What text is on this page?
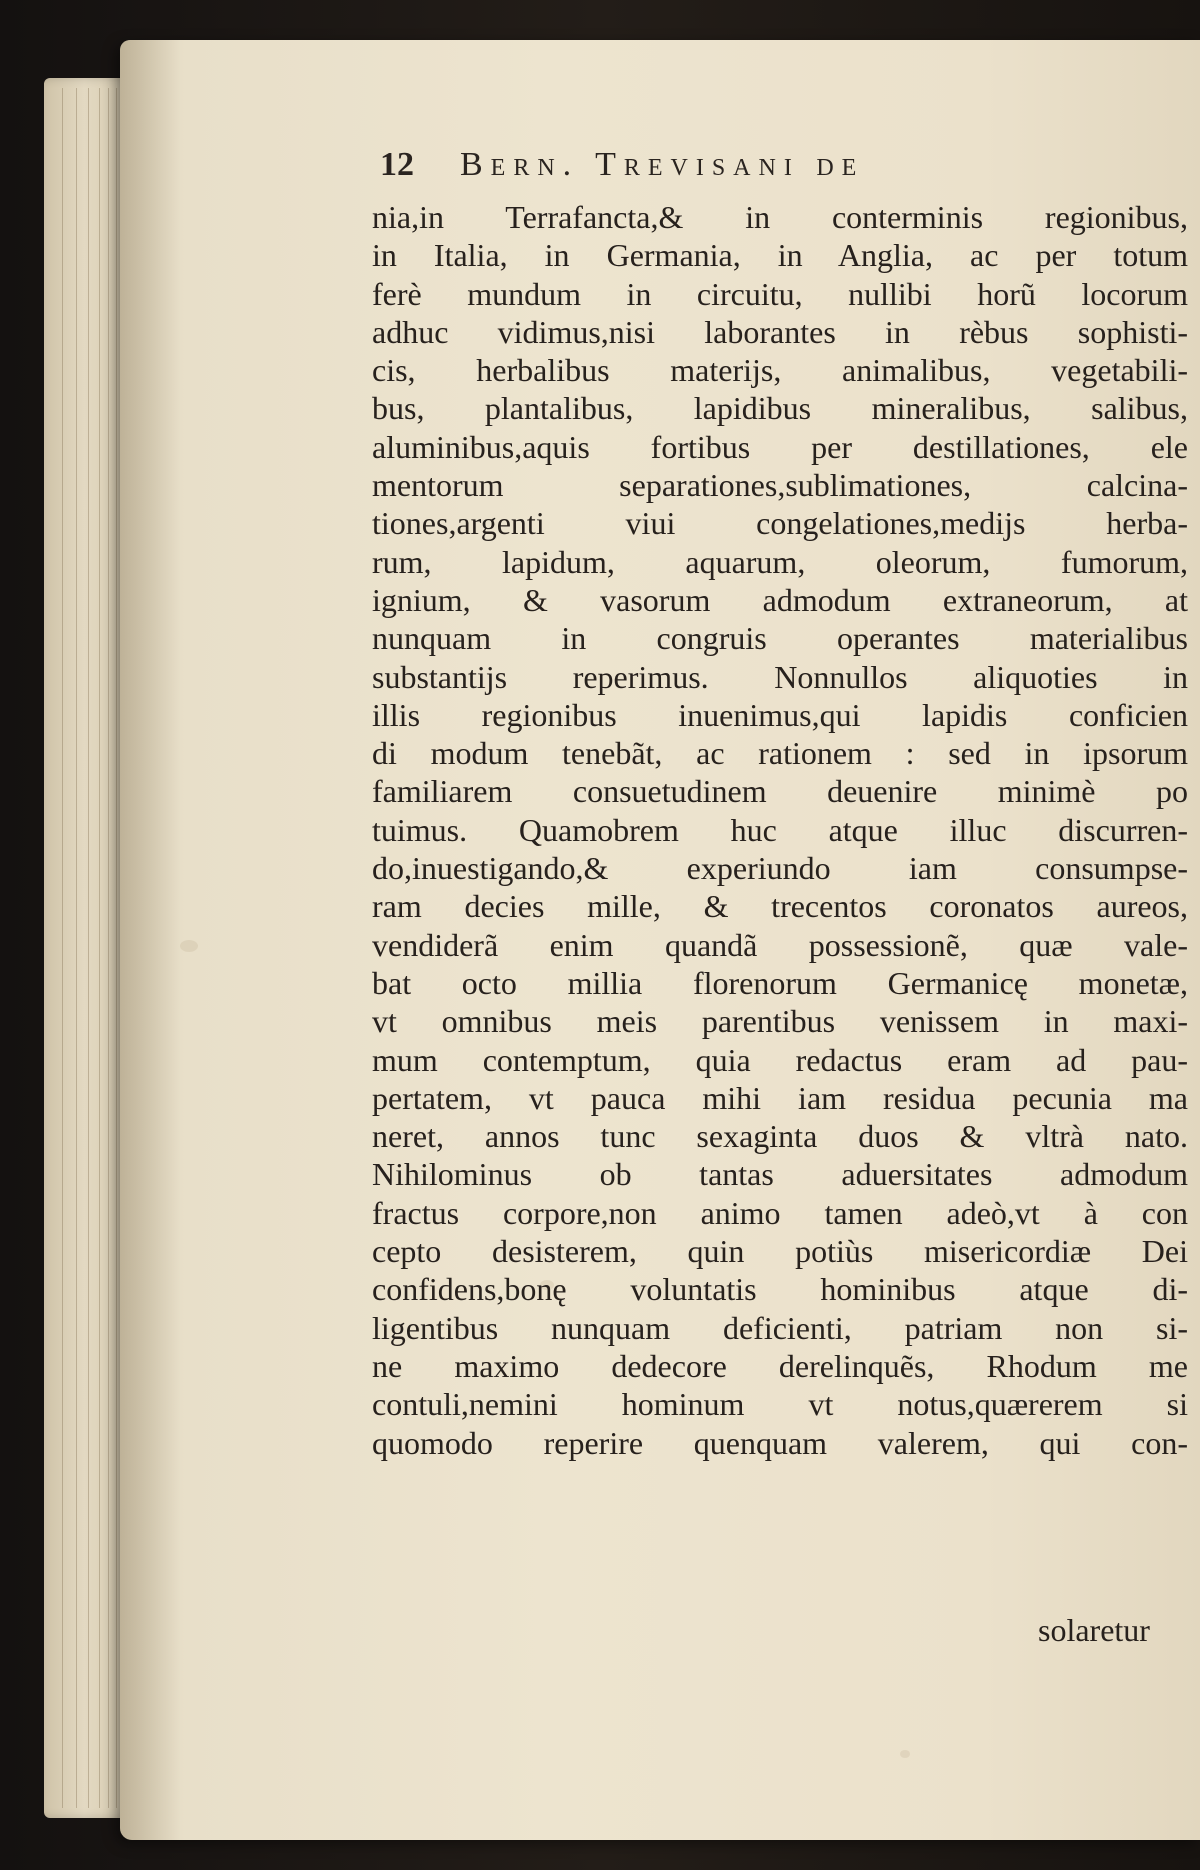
12 Bern. Trevisani de
nia,in Terrafancta,& in conterminis regionibus,
in Italia, in Germania, in Anglia, ac per totum
ferè mundum in circuitu, nullibi horũ locorum
adhuc vidimus,nisi laborantes in rèbus sophisti-
cis, herbalibus materijs, animalibus, vegetabili-
bus, plantalibus, lapidibus mineralibus, salibus,
aluminibus,aquis fortibus per destillationes, ele
mentorum separationes,sublimationes, calcina-
tiones,argenti viui congelationes,medijs herba-
rum, lapidum, aquarum, oleorum, fumorum,
ignium, & vasorum admodum extraneorum, at
nunquam in congruis operantes materialibus
substantijs reperimus. Nonnullos aliquoties in
illis regionibus inuenimus,qui lapidis conficien
di modum tenebãt, ac rationem : sed in ipsorum
familiarem consuetudinem deuenire minimè po
tuimus. Quamobrem huc atque illuc discurren-
do,inuestigando,& experiundo iam consumpse-
ram decies mille, & trecentos coronatos aureos,
vendiderã enim quandã possessionẽ, quæ vale-
bat octo millia florenorum Germanicę monetæ,
vt omnibus meis parentibus venissem in maxi-
mum contemptum, quia redactus eram ad pau-
pertatem, vt pauca mihi iam residua pecunia ma
neret, annos tunc sexaginta duos & vltrà nato.
Nihilominus ob tantas aduersitates admodum
fractus corpore,non animo tamen adeò,vt à con
cepto desisterem, quin potiùs misericordiæ Dei
confidens,bonę voluntatis hominibus atque di-
ligentibus nunquam deficienti, patriam non si-
ne maximo dedecore derelinquẽs, Rhodum me
contuli,nemini hominum vt notus,quærerem si
quomodo reperire quenquam valerem, qui con-
solaretur
